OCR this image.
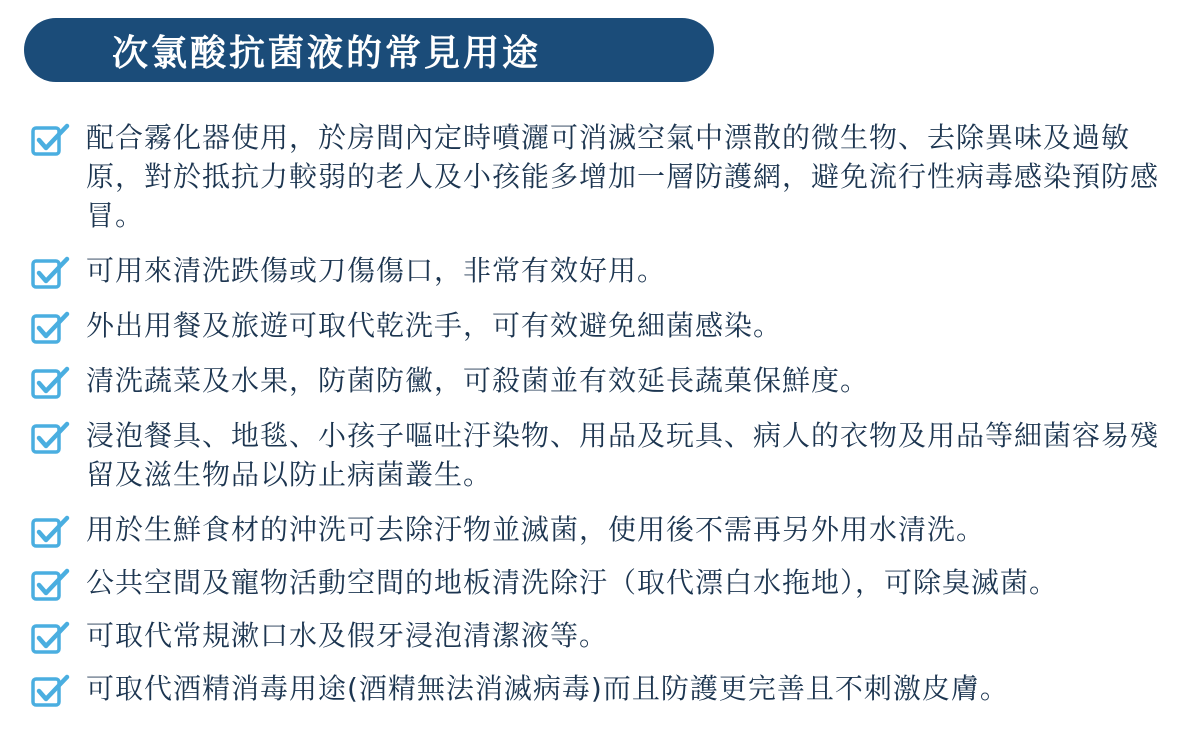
次氯酸抗菌液的常見用途
配合霧化器使用，於房間內定時噴灑可消滅空氣中漂散的微生物、去除異味及過敏原，對於抵抗力較弱的老人及小孩能多增加一層防護網，避免流行性病毒感染預防感冒。
可用來清洗跌傷或刀傷傷口，非常有效好用。
外出用餐及旅遊可取代乾洗手，可有效避免細菌感染。
清洗蔬菜及水果，防菌防黴，可殺菌並有效延長蔬菓保鮮度。
浸泡餐具、地毯、小孩子嘔吐汙染物、用品及玩具、病人的衣物及用品等細菌容易殘留及滋生物品以防止病菌叢生。
用於生鮮食材的沖洗可去除汙物並滅菌，使用後不需再另外用水清洗。
公共空間及寵物活動空間的地板清洗除汙（取代漂白水拖地），可除臭滅菌。
可取代常規漱口水及假牙浸泡清潔液等。
可取代酒精消毒用途(酒精無法消滅病毒)而且防護更完善且不刺激皮膚。
